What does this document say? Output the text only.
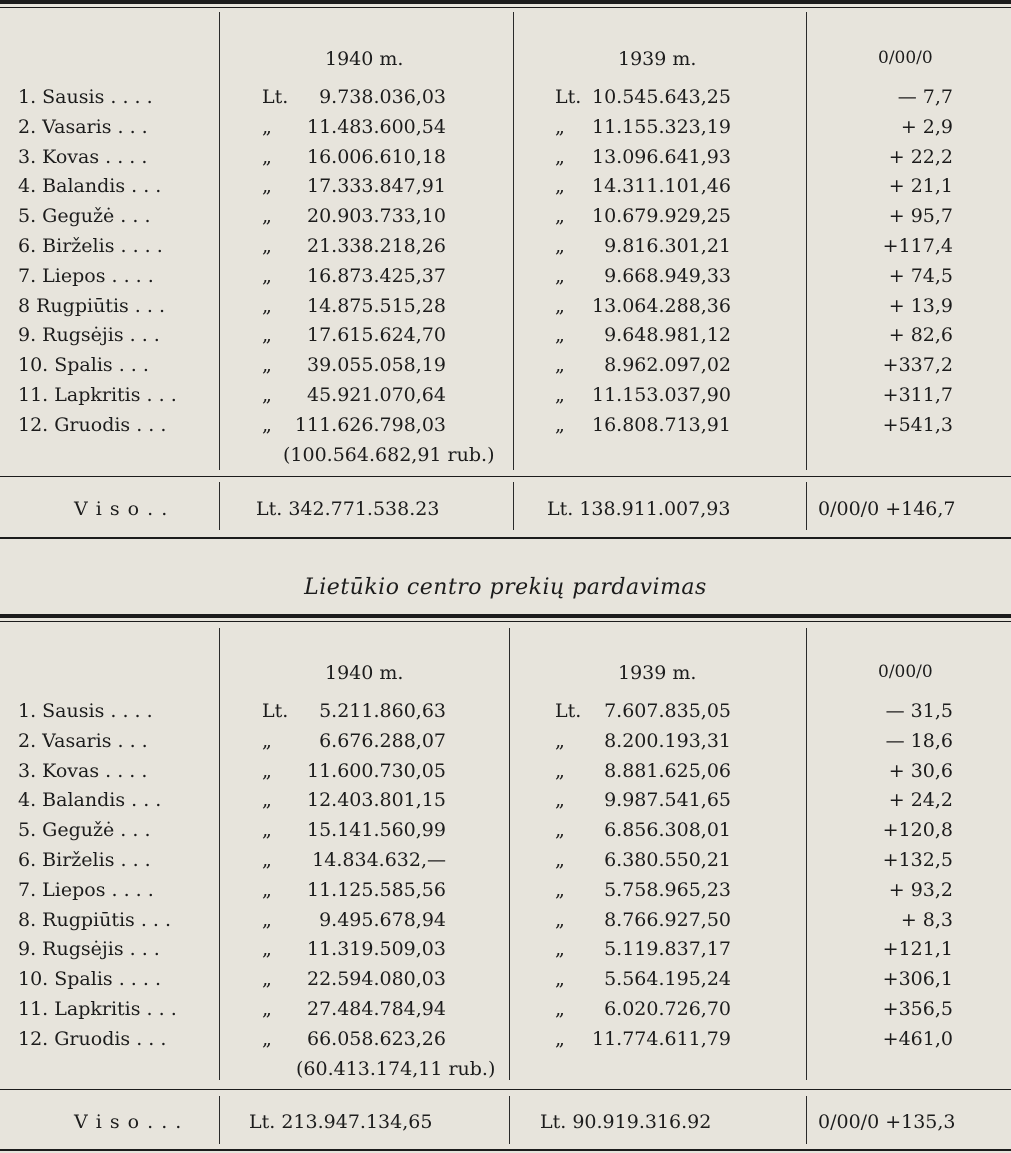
1940 m.	1939 m.	0/00/0
1. Sausis . . . .	Lt. 9.738.036,03	Lt. 10.545.643,25	— 7,7
2. Vasaris . . .	„ 11.483.600,54	„ 11.155.323,19	+ 2,9
3. Kovas . . . .	„ 16.006.610,18	„ 13.096.641,93	+ 22,2
4. Balandis . . .	„ 17.333.847,91	„ 14.311.101,46	+ 21,1
5. Gegužė . . .	„ 20.903.733,10	„ 10.679.929,25	+ 95,7
6. Birželis . . . .	„ 21.338.218,26	„ 9.816.301,21	+117,4
7. Liepos . . . .	„ 16.873.425,37	„ 9.668.949,33	+ 74,5
8 Rugpiūtis . . .	„ 14.875.515,28	„ 13.064.288,36	+ 13,9
9. Rugsėjis . . .	„ 17.615.624,70	„ 9.648.981,12	+ 82,6
10. Spalis . . .	„ 39.055.058,19	„ 8.962.097,02	+337,2
11. Lapkritis . . .	„ 45.921.070,64	„ 11.153.037,90	+311,7
12. Gruodis . . .	„ 111.626.798,03	„ 16.808.713,91	+541,3
(100.564.682,91 rub.)
V i s o . .	Lt. 342.771.538.23	Lt. 138.911.007,93	0/00/0 +146,7
Lietūkio centro prekių pardavimas
1940 m.	1939 m.	0/00/0
1. Sausis . . . .	Lt. 5.211.860,63	Lt. 7.607.835,05	— 31,5
2. Vasaris . . .	„ 6.676.288,07	„ 8.200.193,31	— 18,6
3. Kovas . . . .	„ 11.600.730,05	„ 8.881.625,06	+ 30,6
4. Balandis . . .	„ 12.403.801,15	„ 9.987.541,65	+ 24,2
5. Gegužė . . .	„ 15.141.560,99	„ 6.856.308,01	+120,8
6. Birželis . . .	„ 14.834.632,—	„ 6.380.550,21	+132,5
7. Liepos . . . .	„ 11.125.585,56	„ 5.758.965,23	+ 93,2
8. Rugpiūtis . . .	„ 9.495.678,94	„ 8.766.927,50	+ 8,3
9. Rugsėjis . . .	„ 11.319.509,03	„ 5.119.837,17	+121,1
10. Spalis . . . .	„ 22.594.080,03	„ 5.564.195,24	+306,1
11. Lapkritis . . .	„ 27.484.784,94	„ 6.020.726,70	+356,5
12. Gruodis . . .	„ 66.058.623,26	„ 11.774.611,79	+461,0
(60.413.174,11 rub.)
V i s o . . .	Lt. 213.947.134,65	Lt. 90.919.316.92	0/00/0 +135,3
